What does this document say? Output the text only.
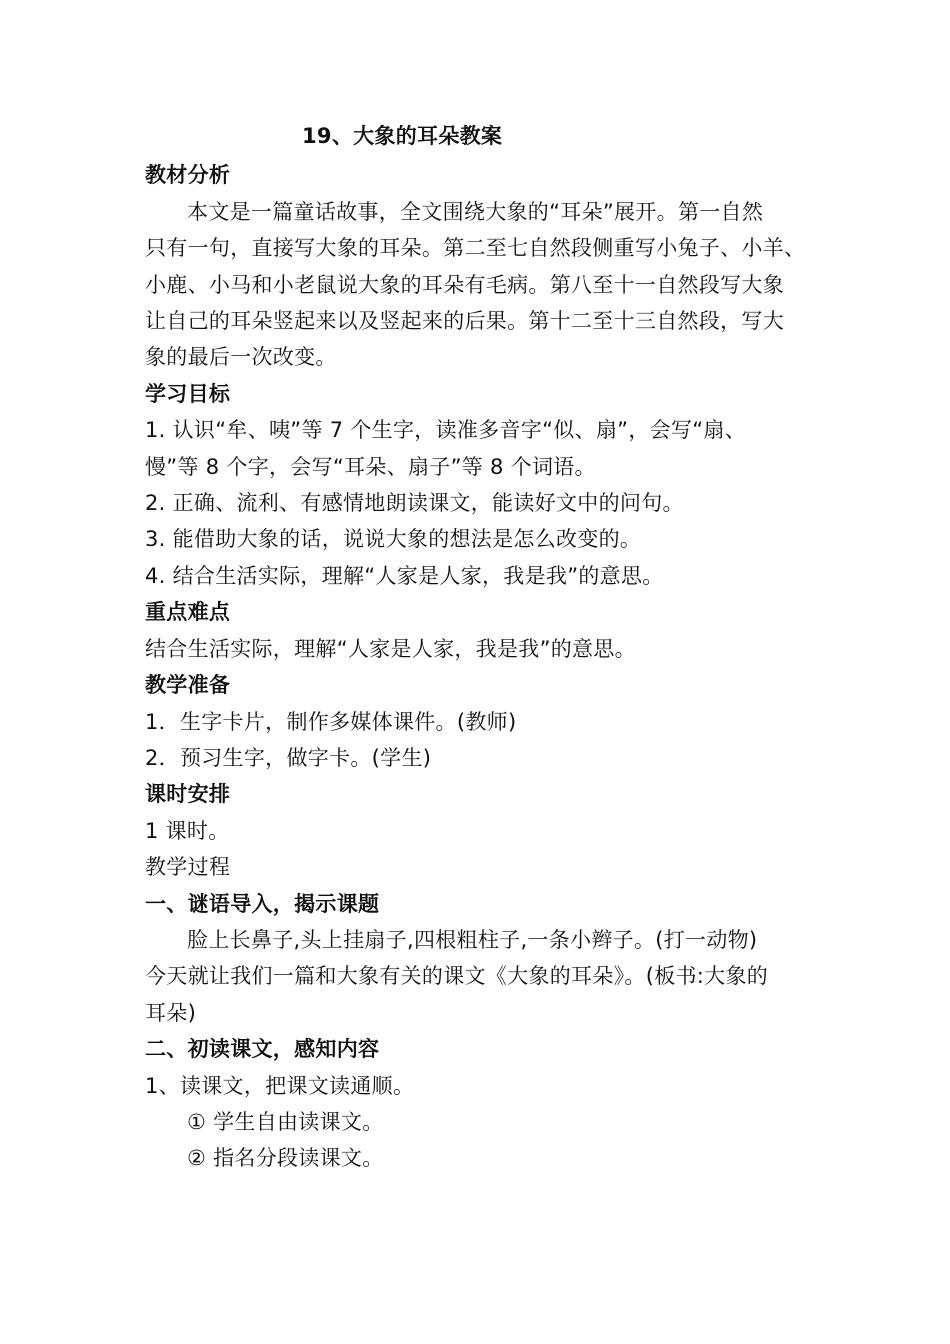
19、大象的耳朵教案
教材分析
本文是一篇童话故事，全文围绕大象的“耳朵”展开。第一自然
只有一句，直接写大象的耳朵。第二至七自然段侧重写小兔子、小羊、
小鹿、小马和小老鼠说大象的耳朵有毛病。第八至十一自然段写大象
让自己的耳朵竖起来以及竖起来的后果。第十二至十三自然段，写大
象的最后一次改变。
学习目标
1. 认识“牟、咦”等 7 个生字，读准多音字“似、扇”，会写“扇、
慢”等 8 个字，会写“耳朵、扇子”等 8 个词语。
2. 正确、流利、有感情地朗读课文，能读好文中的问句。
3. 能借助大象的话，说说大象的想法是怎么改变的。
4. 结合生活实际，理解“人家是人家，我是我”的意思。
重点难点
结合生活实际，理解“人家是人家，我是我”的意思。
教学准备
1．生字卡片，制作多媒体课件。(教师)
2．预习生字，做字卡。(学生)
课时安排
1 课时。
教学过程
一、谜语导入，揭示课题
脸上长鼻子,头上挂扇子,四根粗柱子,一条小辫子。(打一动物)
今天就让我们一篇和大象有关的课文《大象的耳朵》。(板书:大象的
耳朵)
二、初读课文，感知内容
1、读课文，把课文读通顺。
① 学生自由读课文。
② 指名分段读课文。
